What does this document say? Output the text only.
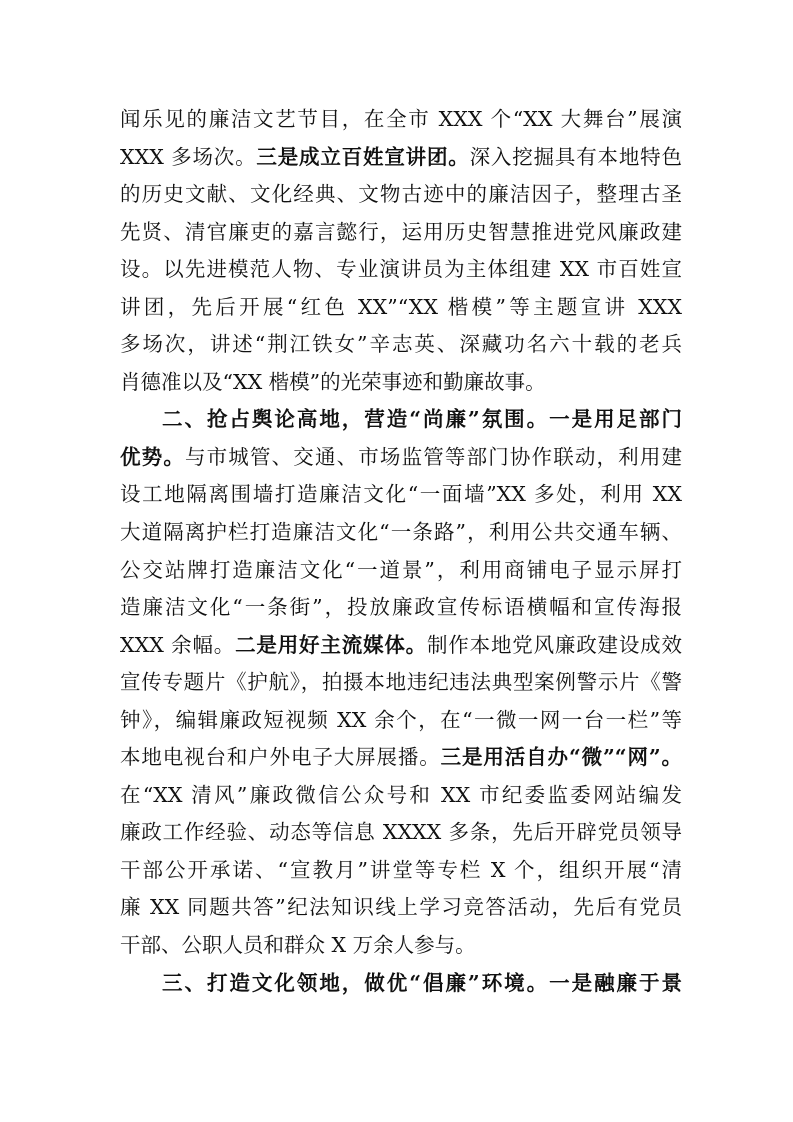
闻乐见的廉洁文艺节目，在全市 XXX 个“XX 大舞台”展演
XXX 多场次。三是成立百姓宣讲团。深入挖掘具有本地特色
的历史文献、文化经典、文物古迹中的廉洁因子，整理古圣
先贤、清官廉吏的嘉言懿行，运用历史智慧推进党风廉政建
设。以先进模范人物、专业演讲员为主体组建 XX 市百姓宣
讲团，先后开展“红色 XX”“XX 楷模”等主题宣讲 XXX
多场次，讲述“荆江铁女”辛志英、深藏功名六十载的老兵
肖德准以及“XX 楷模”的光荣事迹和勤廉故事。
二、抢占舆论高地，营造“尚廉”氛围。一是用足部门
优势。与市城管、交通、市场监管等部门协作联动，利用建
设工地隔离围墙打造廉洁文化“一面墙”XX 多处，利用 XX
大道隔离护栏打造廉洁文化“一条路”，利用公共交通车辆、
公交站牌打造廉洁文化“一道景”，利用商铺电子显示屏打
造廉洁文化“一条街”，投放廉政宣传标语横幅和宣传海报
XXX 余幅。二是用好主流媒体。制作本地党风廉政建设成效
宣传专题片《护航》，拍摄本地违纪违法典型案例警示片《警
钟》，编辑廉政短视频 XX 余个，在“一微一网一台一栏”等
本地电视台和户外电子大屏展播。三是用活自办“微”“网”。
在“XX 清风”廉政微信公众号和 XX 市纪委监委网站编发
廉政工作经验、动态等信息 XXXX 多条，先后开辟党员领导
干部公开承诺、“宣教月”讲堂等专栏 X 个，组织开展“清
廉 XX 同题共答”纪法知识线上学习竞答活动，先后有党员
干部、公职人员和群众 X 万余人参与。
三、打造文化领地，做优“倡廉”环境。一是融廉于景
